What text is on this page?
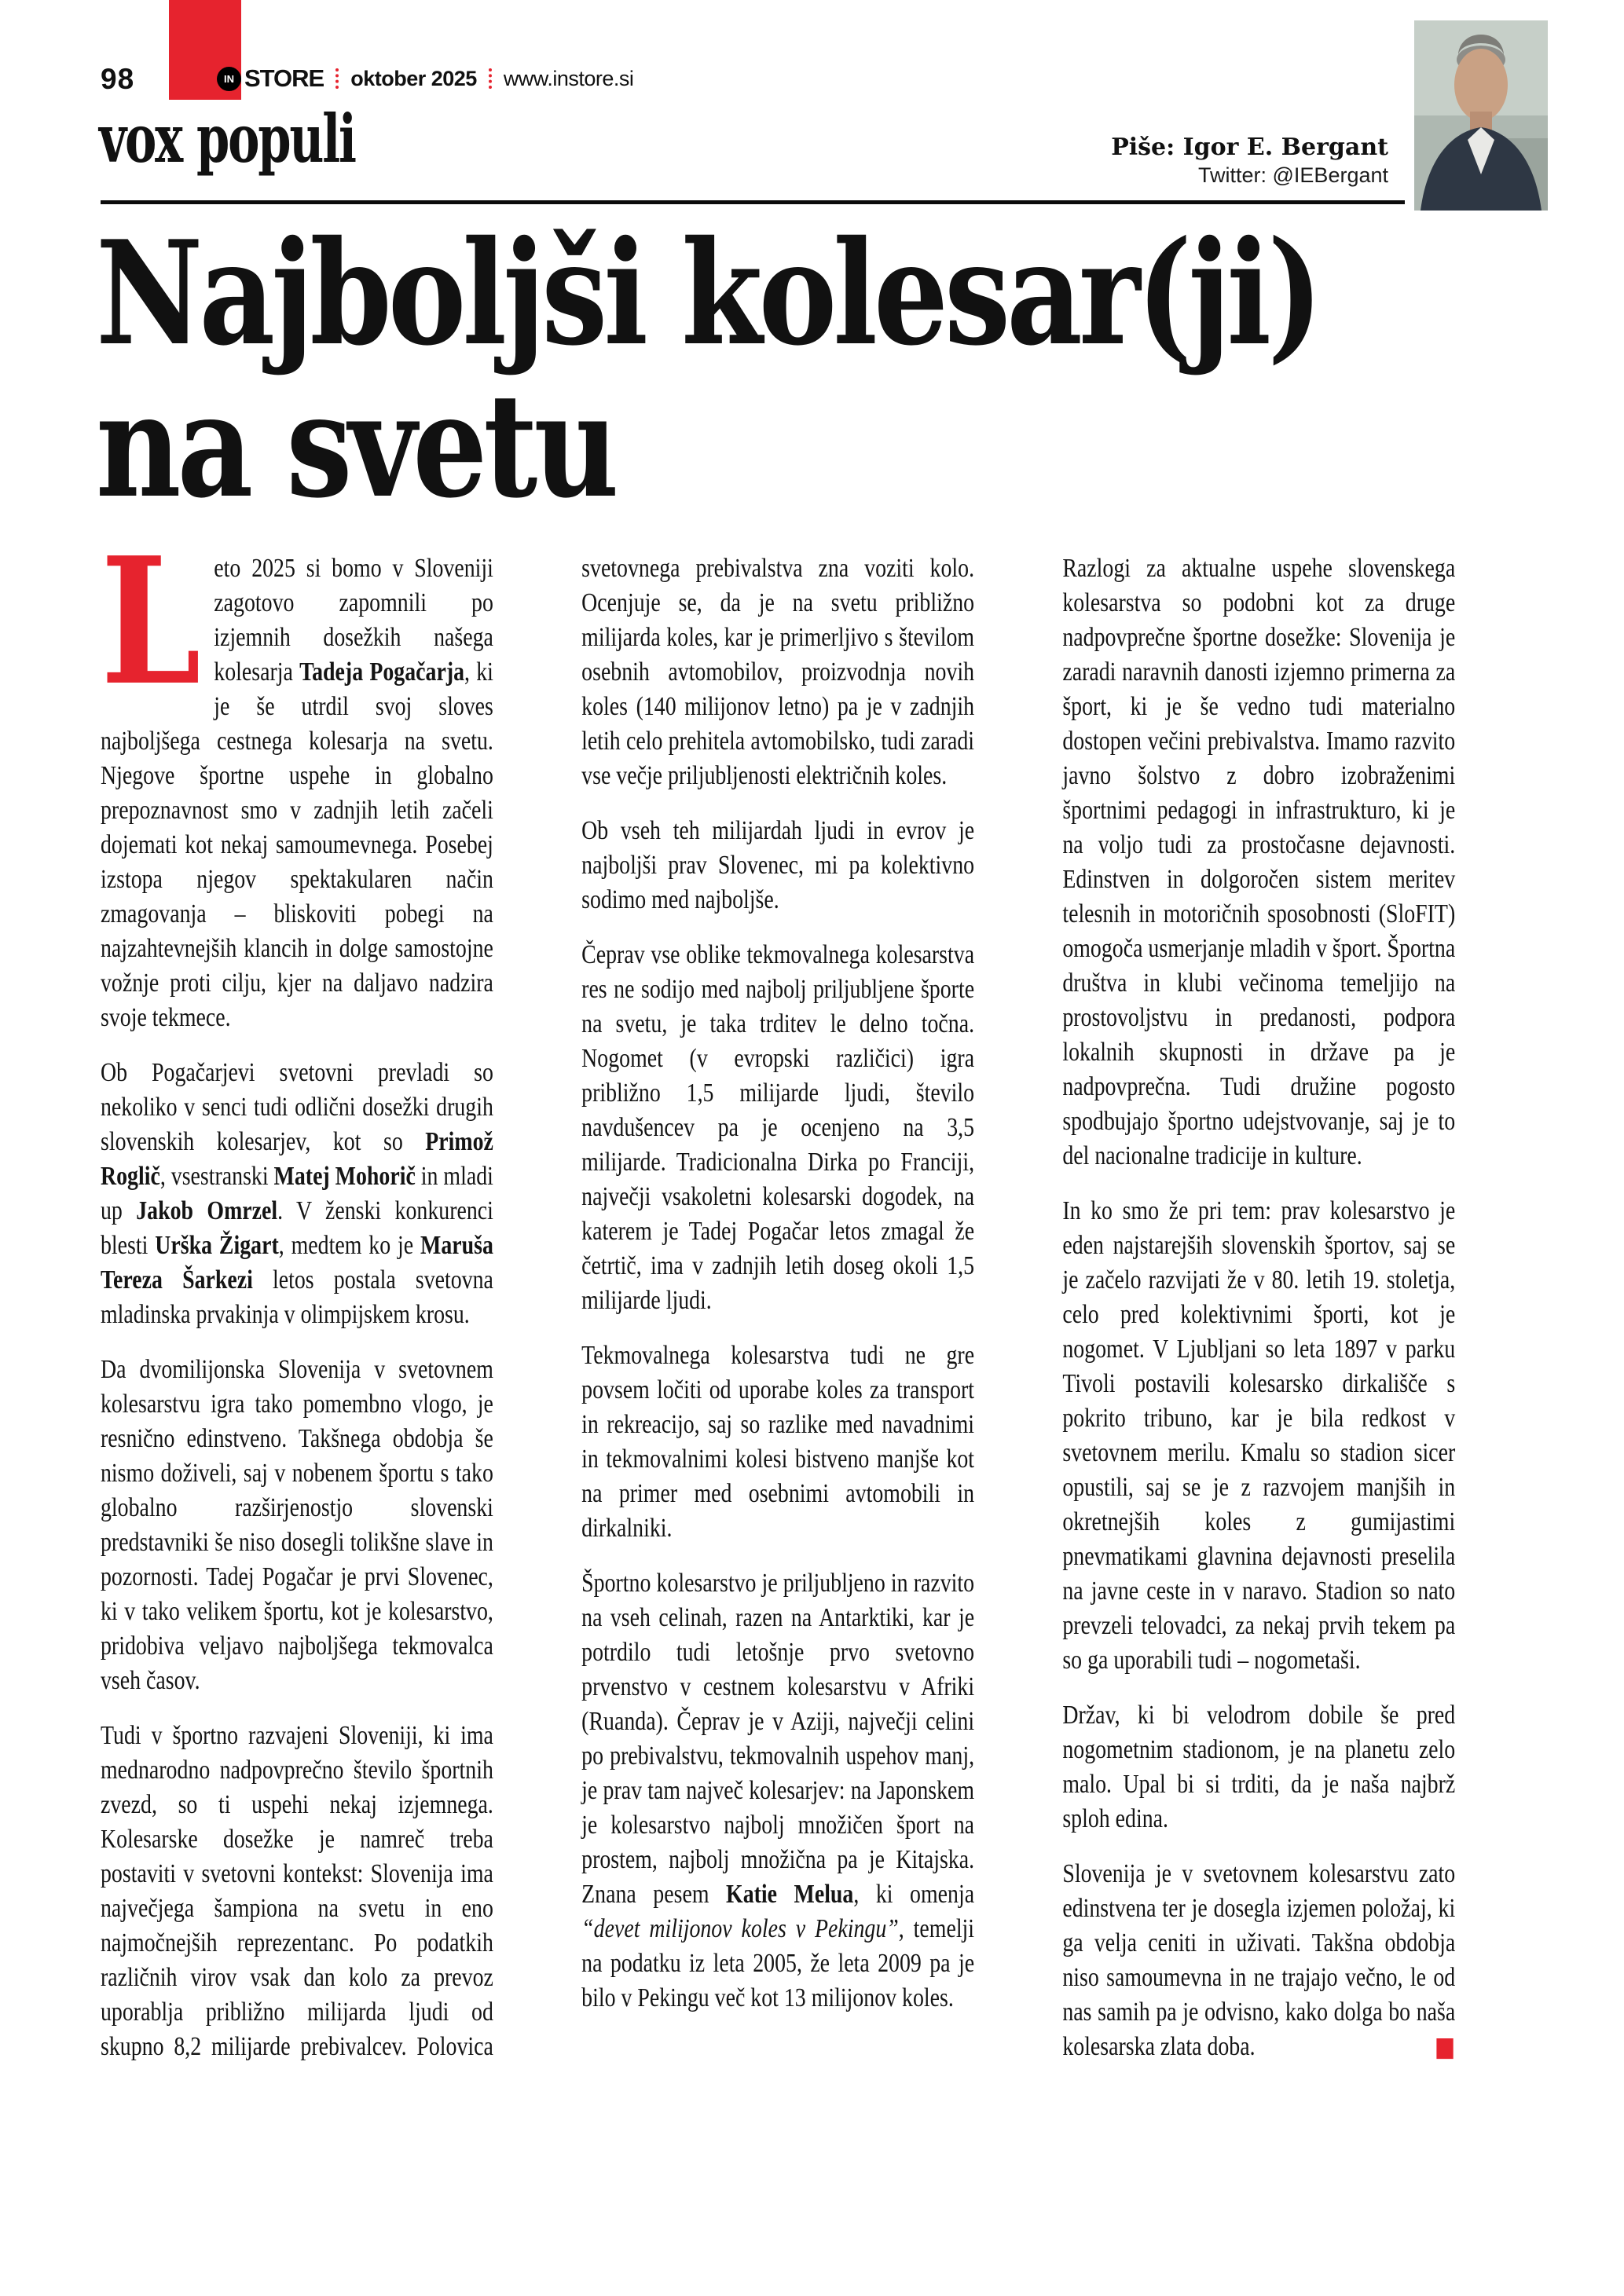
98	IN STORE oktober 2025 www.instore.si
vox populi	Piše: Igor E. Bergant
Twitter: @IEBergant
Najboljši kolesar(ji)
na svetu

Leto 2025 si bomo v Sloveniji zagotovo zapomnili po izjemnih dosežkih našega kolesarja Tadeja Pogačarja, ki je še utrdil svoj sloves najboljšega cestnega kolesarja na svetu. Njegove športne uspehe in globalno prepoznavnost smo v zadnjih letih začeli dojemati kot nekaj samoumevnega. Posebej izstopa njegov spektakularen način zmagovanja – bliskoviti pobegi na najzahtevnejših klancih in dolge samostojne vožnje proti cilju, kjer na daljavo nadzira svoje tekmece.

Ob Pogačarjevi svetovni prevladi so nekoliko v senci tudi odlični dosežki drugih slovenskih kolesarjev, kot so Primož Roglič, vsestranski Matej Mohorič in mladi up Jakob Omrzel. V ženski konkurenci blesti Urška Žigart, medtem ko je Maruša Tereza Šarkezi letos postala svetovna mladinska prvakinja v olimpijskem krosu.

Da dvomilijonska Slovenija v svetovnem kolesarstvu igra tako pomembno vlogo, je resnično edinstveno. Takšnega obdobja še nismo doživeli, saj v nobenem športu s tako globalno razširjenostjo slovenski predstavniki še niso dosegli tolikšne slave in pozornosti. Tadej Pogačar je prvi Slovenec, ki v tako velikem športu, kot je kolesarstvo, pridobiva veljavo najboljšega tekmovalca vseh časov.

Tudi v športno razvajeni Sloveniji, ki ima mednarodno nadpovprečno število športnih zvezd, so ti uspehi nekaj izjemnega. Kolesarske dosežke je namreč treba postaviti v svetovni kontekst: Slovenija ima največjega šampiona na svetu in eno najmočnejših reprezentanc. Po podatkih različnih virov vsak dan kolo za prevoz uporablja približno milijarda ljudi od skupno 8,2 milijarde prebivalcev. Polovica svetovnega prebivalstva zna voziti kolo. Ocenjuje se, da je na svetu približno milijarda koles, kar je primerljivo s številom osebnih avtomobilov, proizvodnja novih koles (140 milijonov letno) pa je v zadnjih letih celo prehitela avtomobilsko, tudi zaradi vse večje priljubljenosti električnih koles.

Ob vseh teh milijardah ljudi in evrov je najboljši prav Slovenec, mi pa kolektivno sodimo med najboljše.

Čeprav vse oblike tekmovalnega kolesarstva res ne sodijo med najbolj priljubljene športe na svetu, je taka trditev le delno točna. Nogomet (v evropski različici) igra približno 1,5 milijarde ljudi, število navdušencev pa je ocenjeno na 3,5 milijarde. Tradicionalna Dirka po Franciji, največji vsakoletni kolesarski dogodek, na katerem je Tadej Pogačar letos zmagal že četrtič, ima v zadnjih letih doseg okoli 1,5 milijarde ljudi.

Tekmovalnega kolesarstva tudi ne gre povsem ločiti od uporabe koles za transport in rekreacijo, saj so razlike med navadnimi in tekmovalnimi kolesi bistveno manjše kot na primer med osebnimi avtomobili in dirkalniki.

Športno kolesarstvo je priljubljeno in razvito na vseh celinah, razen na Antarktiki, kar je potrdilo tudi letošnje prvo svetovno prvenstvo v cestnem kolesarstvu v Afriki (Ruanda). Čeprav je v Aziji, največji celini po prebivalstvu, tekmovalnih uspehov manj, je prav tam največ kolesarjev: na Japonskem je kolesarstvo najbolj množičen šport na prostem, najbolj množična pa je Kitajska. Znana pesem Katie Melua, ki omenja “devet milijonov koles v Pekingu”, temelji na podatku iz leta 2005, že leta 2009 pa je bilo v Pekingu več kot 13 milijonov koles.

Razlogi za aktualne uspehe slovenskega kolesarstva so podobni kot za druge nadpovprečne športne dosežke: Slovenija je zaradi naravnih danosti izjemno primerna za šport, ki je še vedno tudi materialno dostopen večini prebivalstva. Imamo razvito javno šolstvo z dobro izobraženimi športnimi pedagogi in infrastrukturo, ki je na voljo tudi za prostočasne dejavnosti. Edinstven in dolgoročen sistem meritev telesnih in motoričnih sposobnosti (SloFIT) omogoča usmerjanje mladih v šport. Športna društva in klubi večinoma temeljijo na prostovoljstvu in predanosti, podpora lokalnih skupnosti in države pa je nadpovprečna. Tudi družine pogosto spodbujajo športno udejstvovanje, saj je to del nacionalne tradicije in kulture.

In ko smo že pri tem: prav kolesarstvo je eden najstarejših slovenskih športov, saj se je začelo razvijati že v 80. letih 19. stoletja, celo pred kolektivnimi športi, kot je nogomet. V Ljubljani so leta 1897 v parku Tivoli postavili kolesarsko dirkališče s pokrito tribuno, kar je bila redkost v svetovnem merilu. Kmalu so stadion sicer opustili, saj se je z razvojem manjših in okretnejših koles z gumijastimi pnevmatikami glavnina dejavnosti preselila na javne ceste in v naravo. Stadion so nato prevzeli telovadci, za nekaj prvih tekem pa so ga uporabili tudi – nogometaši.

Držav, ki bi velodrom dobile še pred nogometnim stadionom, je na planetu zelo malo. Upal bi si trditi, da je naša najbrž sploh edina.

Slovenija je v svetovnem kolesarstvu zato edinstvena ter je dosegla izjemen položaj, ki ga velja ceniti in uživati. Takšna obdobja niso samoumevna in ne trajajo večno, le od nas samih pa je odvisno, kako dolga bo naša kolesarska zlata doba.	■
